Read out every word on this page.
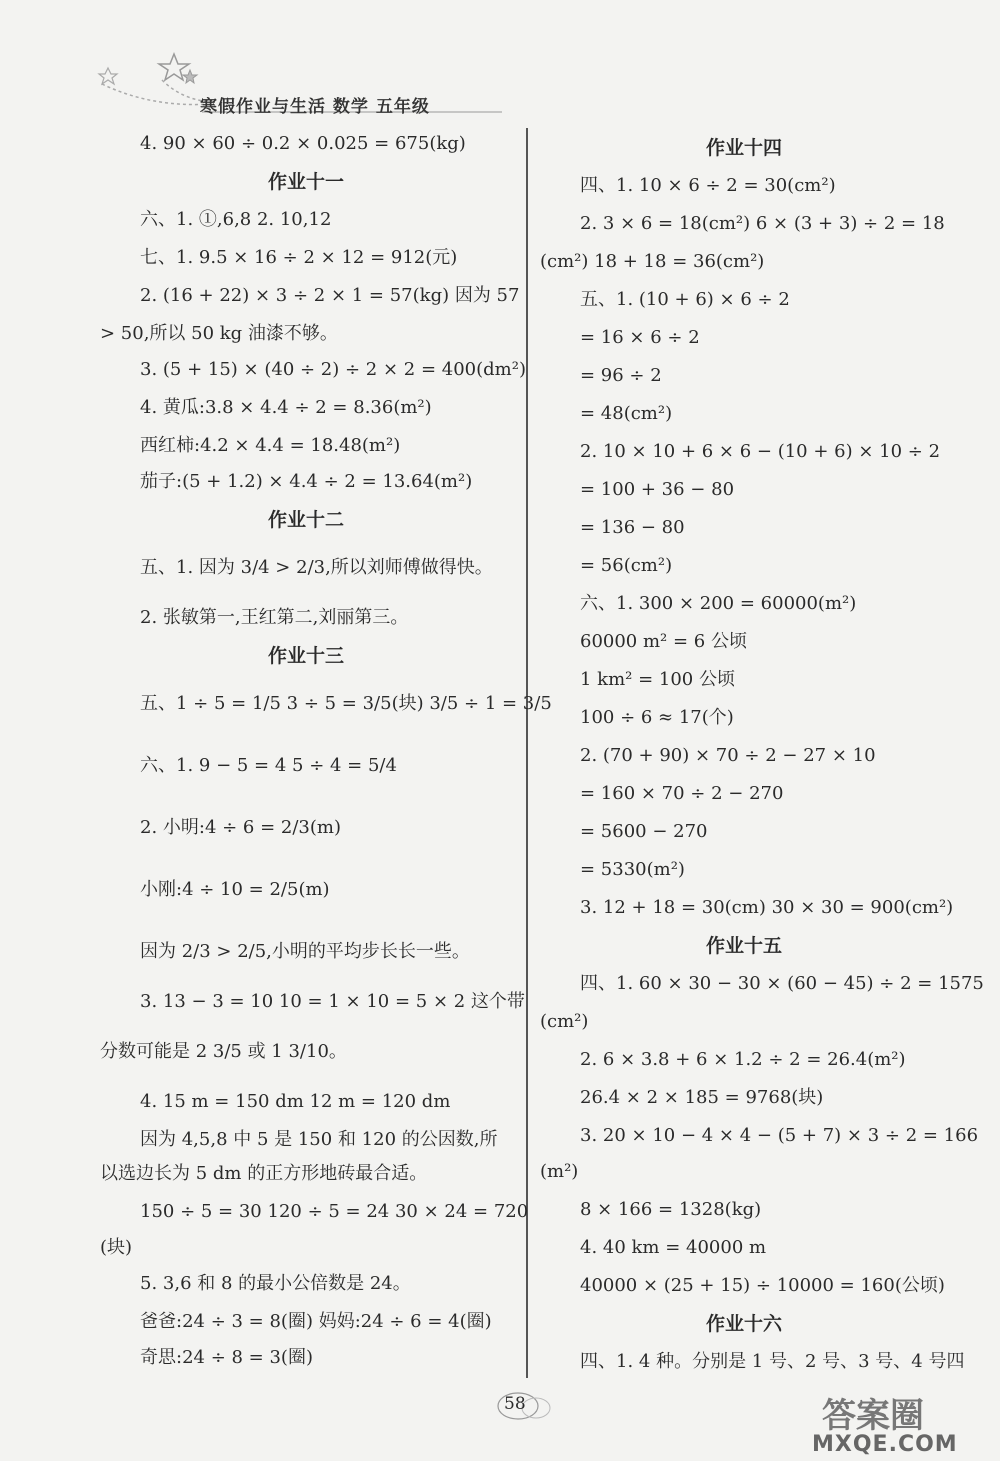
寒假作业与生活 数学 五年级
4. 90 × 60 ÷ 0.2 × 0.025 = 675(kg)
作业十一
六、1. ①,6,8 2. 10,12
七、1. 9.5 × 16 ÷ 2 × 12 = 912(元)
2. (16 + 22) × 3 ÷ 2 × 1 = 57(kg) 因为 57
> 50,所以 50 kg 油漆不够。
3. (5 + 15) × (40 ÷ 2) ÷ 2 × 2 = 400(dm²)
4. 黄瓜:3.8 × 4.4 ÷ 2 = 8.36(m²)
西红柿:4.2 × 4.4 = 18.48(m²)
茄子:(5 + 1.2) × 4.4 ÷ 2 = 13.64(m²)
作业十二
五、1. 因为 3/4 > 2/3,所以刘师傅做得快。
2. 张敏第一,王红第二,刘丽第三。
作业十三
五、1 ÷ 5 = 1/5 3 ÷ 5 = 3/5(块) 3/5 ÷ 1 = 3/5
六、1. 9 − 5 = 4 5 ÷ 4 = 5/4
2. 小明:4 ÷ 6 = 2/3(m)
小刚:4 ÷ 10 = 2/5(m)
因为 2/3 > 2/5,小明的平均步长长一些。
3. 13 − 3 = 10 10 = 1 × 10 = 5 × 2 这个带
分数可能是 2 3/5 或 1 3/10。
4. 15 m = 150 dm 12 m = 120 dm
因为 4,5,8 中 5 是 150 和 120 的公因数,所
以选边长为 5 dm 的正方形地砖最合适。
150 ÷ 5 = 30 120 ÷ 5 = 24 30 × 24 = 720
(块)
5. 3,6 和 8 的最小公倍数是 24。
爸爸:24 ÷ 3 = 8(圈) 妈妈:24 ÷ 6 = 4(圈)
奇思:24 ÷ 8 = 3(圈)
作业十四
四、1. 10 × 6 ÷ 2 = 30(cm²)
2. 3 × 6 = 18(cm²) 6 × (3 + 3) ÷ 2 = 18
(cm²) 18 + 18 = 36(cm²)
五、1. (10 + 6) × 6 ÷ 2
= 16 × 6 ÷ 2
= 96 ÷ 2
= 48(cm²)
2. 10 × 10 + 6 × 6 − (10 + 6) × 10 ÷ 2
= 100 + 36 − 80
= 136 − 80
= 56(cm²)
六、1. 300 × 200 = 60000(m²)
60000 m² = 6 公顷
1 km² = 100 公顷
100 ÷ 6 ≈ 17(个)
2. (70 + 90) × 70 ÷ 2 − 27 × 10
= 160 × 70 ÷ 2 − 270
= 5600 − 270
= 5330(m²)
3. 12 + 18 = 30(cm) 30 × 30 = 900(cm²)
作业十五
四、1. 60 × 30 − 30 × (60 − 45) ÷ 2 = 1575
(cm²)
2. 6 × 3.8 + 6 × 1.2 ÷ 2 = 26.4(m²)
26.4 × 2 × 185 = 9768(块)
3. 20 × 10 − 4 × 4 − (5 + 7) × 3 ÷ 2 = 166
(m²)
8 × 166 = 1328(kg)
4. 40 km = 40000 m
40000 × (25 + 15) ÷ 10000 = 160(公顷)
作业十六
四、1. 4 种。分别是 1 号、2 号、3 号、4 号四
58	答案圈
MXQE.COM
